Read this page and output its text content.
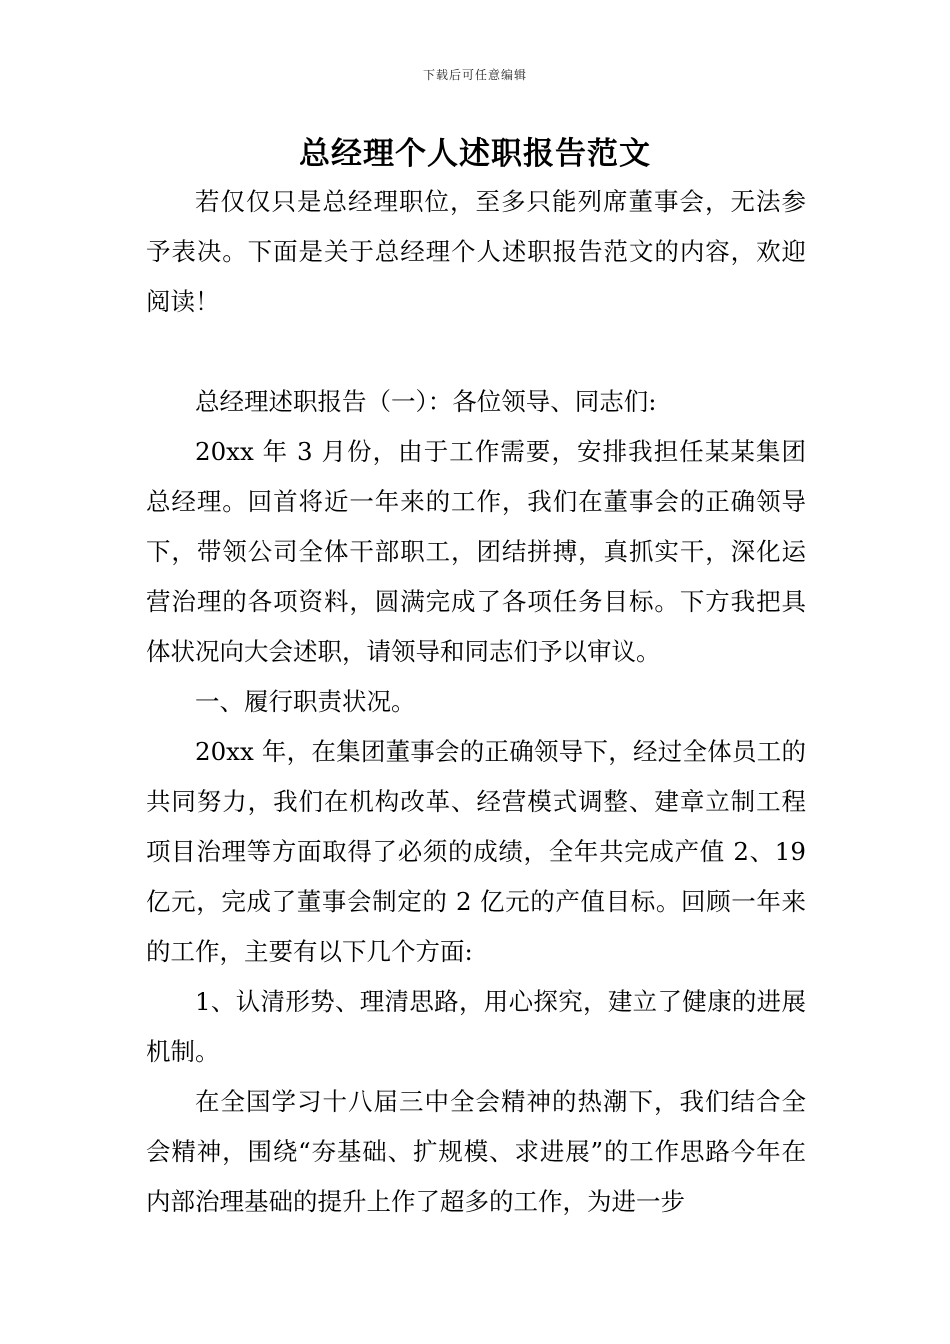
下载后可任意编辑
总经理个人述职报告范文

若仅仅只是总经理职位，至多只能列席董事会，无法参予表决。下面是关于总经理个人述职报告范文的内容，欢迎阅读！

总经理述职报告（一）：各位领导、同志们:

20xx 年 3 月份，由于工作需要，安排我担任某某集团总经理。回首将近一年来的工作，我们在董事会的正确领导下，带领公司全体干部职工，团结拼搏，真抓实干，深化运营治理的各项资料，圆满完成了各项任务目标。下方我把具体状况向大会述职，请领导和同志们予以审议。

一、履行职责状况。

20xx 年，在集团董事会的正确领导下，经过全体员工的共同努力，我们在机构改革、经营模式调整、建章立制工程项目治理等方面取得了必须的成绩，全年共完成产值 2、19 亿元，完成了董事会制定的 2 亿元的产值目标。回顾一年来的工作，主要有以下几个方面:

1、认清形势、理清思路，用心探究，建立了健康的进展机制。

在全国学习十八届三中全会精神的热潮下，我们结合全会精神，围绕“夯基础、扩规模、求进展”的工作思路今年在内部治理基础的提升上作了超多的工作，为进一步
